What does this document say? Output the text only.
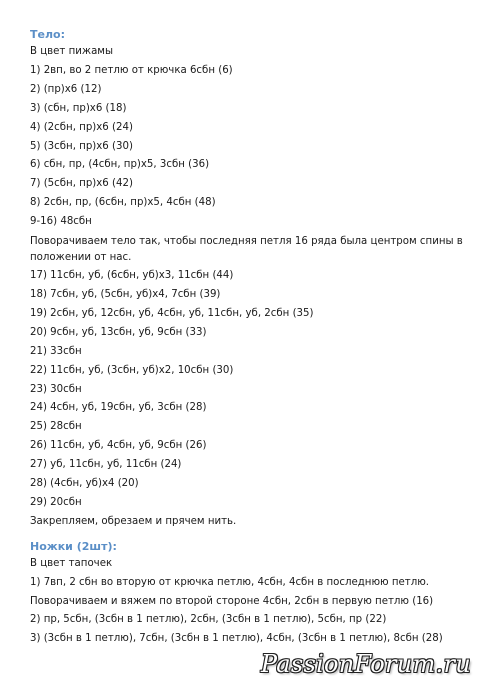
Тело:
В цвет пижамы
1) 2вп, во 2 петлю от крючка 6сбн (6)
2) (пр)х6 (12)
3) (сбн, пр)х6 (18)
4) (2сбн, пр)х6 (24)
5) (3сбн, пр)х6 (30)
6) сбн, пр, (4сбн, пр)х5, 3сбн (36)
7) (5сбн, пр)х6 (42)
8) 2сбн, пр, (6сбн, пр)х5, 4сбн (48)
9-16) 48сбн
Поворачиваем тело так, чтобы последняя петля 16 ряда была центром спины в положении от нас.
17) 11сбн, уб, (6сбн, уб)х3, 11сбн (44)
18) 7сбн, уб, (5сбн, уб)х4, 7сбн (39)
19) 2сбн, уб, 12сбн, уб, 4сбн, уб, 11сбн, уб, 2сбн (35)
20) 9сбн, уб, 13сбн, уб, 9сбн (33)
21) 33сбн
22) 11сбн, уб, (3сбн, уб)х2, 10сбн (30)
23) 30сбн
24) 4сбн, уб, 19сбн, уб, 3сбн (28)
25) 28сбн
26) 11сбн, уб, 4сбн, уб, 9сбн (26)
27) уб, 11сбн, уб, 11сбн (24)
28) (4сбн, уб)х4 (20)
29) 20сбн
Закрепляем, обрезаем и прячем нить.
Ножки (2шт):
В цвет тапочек
1) 7вп, 2 сбн во вторую от крючка петлю, 4сбн, 4сбн в последнюю петлю.
Поворачиваем и вяжем по второй стороне 4сбн, 2сбн в первую петлю (16)
2) пр, 5сбн, (3сбн в 1 петлю), 2сбн, (3сбн в 1 петлю), 5сбн, пр (22)
3) (3сбн в 1 петлю), 7сбн, (3сбн в 1 петлю), 4сбн, (3сбн в 1 петлю), 8сбн (28)
PassionForum.ru
